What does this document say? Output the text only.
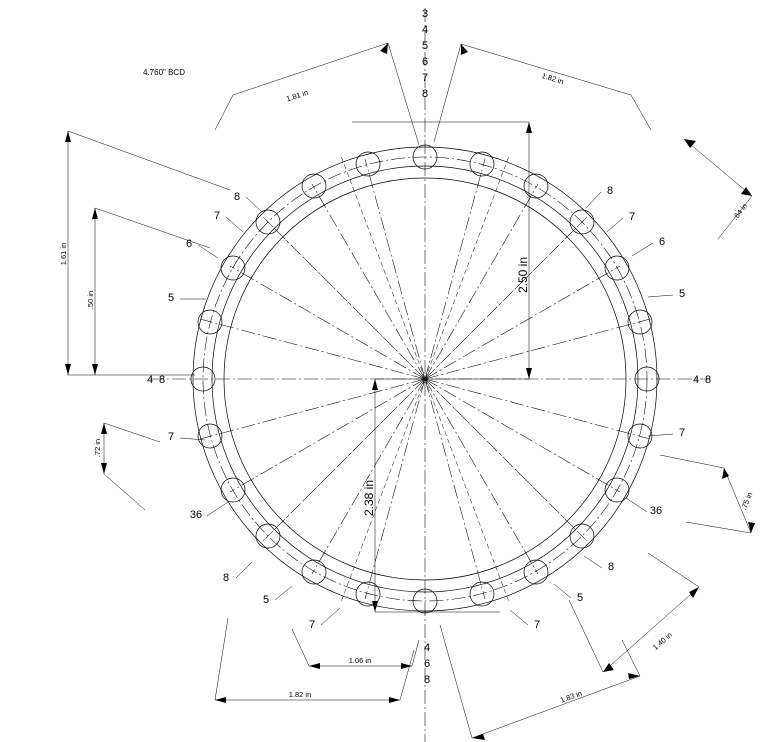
2.50 in
2.38 in
1.81 in
1.82 in
1.61 in
.50 in
.72 in
.64 in
.75 in
1.06 in
1.82 in	1.83 in
1.40 in
4.760" BCD
3
4
5
6
7
8
4
6
8
8
7
6
5
8
7
6
5
4 8	4 8
7
36
8
5
7
7
36
8
5
7
